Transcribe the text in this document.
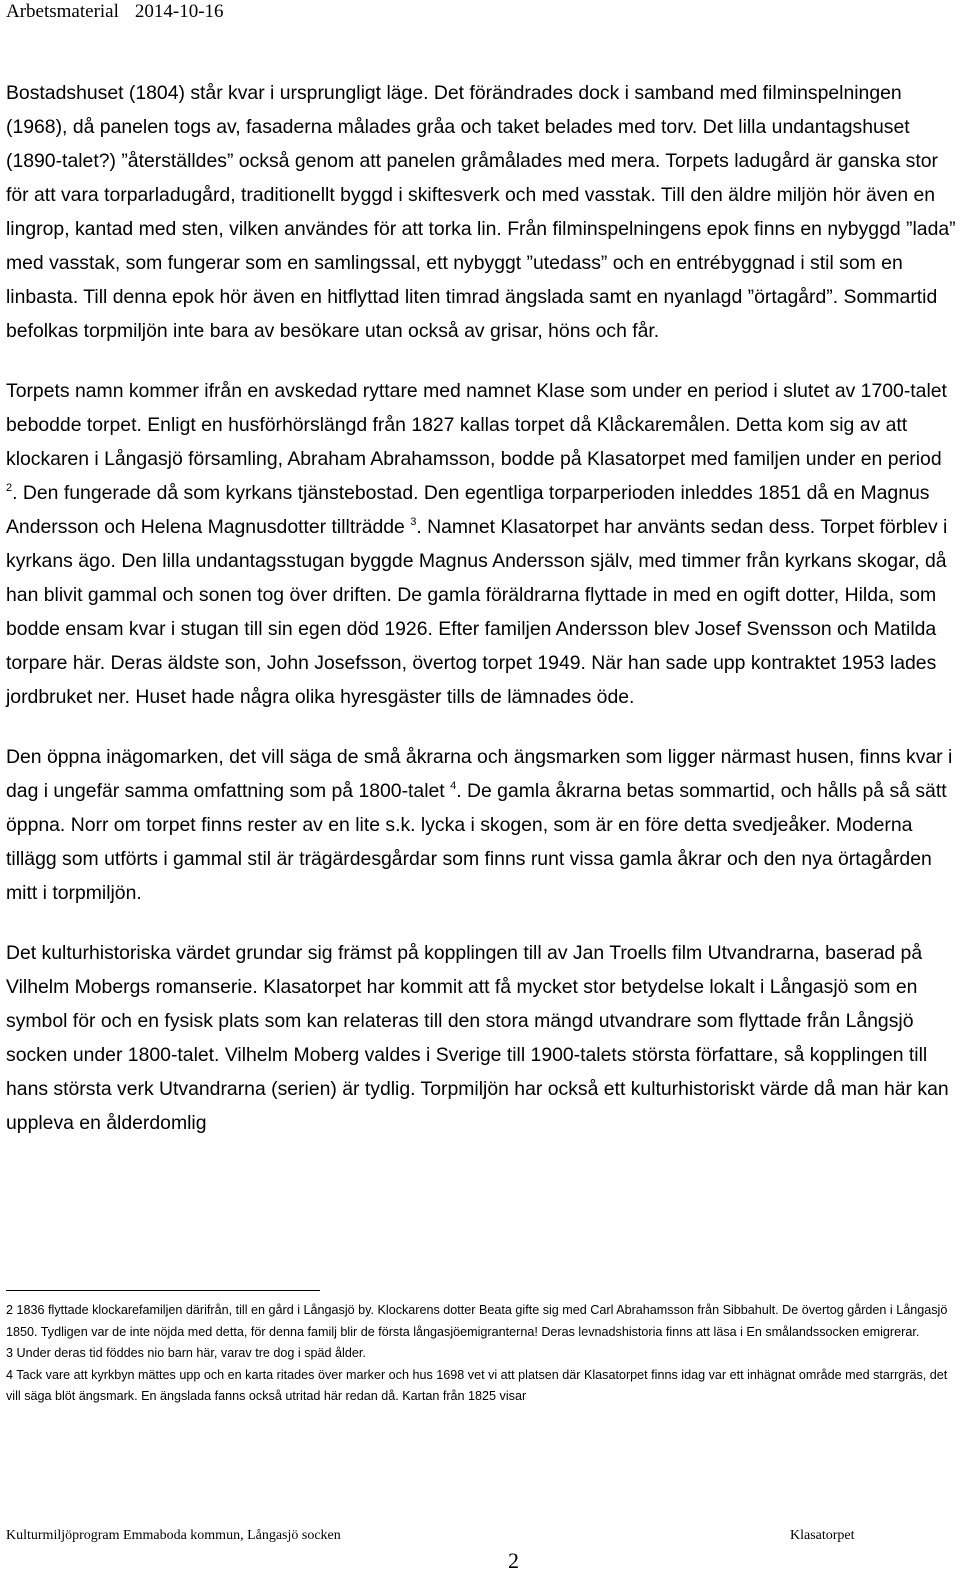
Arbetsmaterial 2014-10-16

Bostadshuset (1804) står kvar i ursprungligt läge. Det förändrades dock i samband med filminspelningen (1968), då panelen togs av, fasaderna målades gråa och taket belades med torv. Det lilla undantagshuset (1890-talet?) ”återställdes” också genom att panelen gråmålades med mera. Torpets ladugård är ganska stor för att vara torparladugård, traditionellt byggd i skiftesverk och med vasstak. Till den äldre miljön hör även en lingrop, kantad med sten, vilken användes för att torka lin. Från filminspelningens epok finns en nybyggd ”lada” med vasstak, som fungerar som en samlingssal, ett nybyggt ”utedass” och en entrébyggnad i stil som en linbasta. Till denna epok hör även en hitflyttad liten timrad ängslada samt en nyanlagd ”örtagård”. Sommartid befolkas torpmiljön inte bara av besökare utan också av grisar, höns och får.

Torpets namn kommer ifrån en avskedad ryttare med namnet Klase som under en period i slutet av 1700-talet bebodde torpet. Enligt en husförhörslängd från 1827 kallas torpet då Klåckaremålen. Detta kom sig av att klockaren i Långasjö församling, Abraham Abrahamsson, bodde på Klasatorpet med familjen under en period $^2$. Den fungerade då som kyrkans tjänstebostad. Den egentliga torparperioden inleddes 1851 då en Magnus Andersson och Helena Magnusdotter tillträdde $^3$. Namnet Klasatorpet har använts sedan dess. Torpet förblev i kyrkans ägo. Den lilla undantagsstugan byggde Magnus Andersson själv, med timmer från kyrkans skogar, då han blivit gammal och sonen tog över driften. De gamla föräldrarna flyttade in med en ogift dotter, Hilda, som bodde ensam kvar i stugan till sin egen död 1926. Efter familjen Andersson blev Josef Svensson och Matilda torpare här. Deras äldste son, John Josefsson, övertog torpet 1949. När han sade upp kontraktet 1953 lades jordbruket ner. Huset hade några olika hyresgäster tills de lämnades öde.

Den öppna inägomarken, det vill säga de små åkrarna och ängsmarken som ligger närmast husen, finns kvar i dag i ungefär samma omfattning som på 1800-talet $^4$. De gamla åkrarna betas sommartid, och hålls på så sätt öppna. Norr om torpet finns rester av en lite s.k. lycka i skogen, som är en före detta svedjeåker. Moderna tillägg som utförts i gammal stil är trägärdesgårdar som finns runt vissa gamla åkrar och den nya örtagården mitt i torpmiljön.

Det kulturhistoriska värdet grundar sig främst på kopplingen till av Jan Troells film Utvandrarna, baserad på Vilhelm Mobergs romanserie. Klasatorpet har kommit att få mycket stor betydelse lokalt i Långasjö som en symbol för och en fysisk plats som kan relateras till den stora mängd utvandrare som flyttade från Långsjö socken under 1800-talet. Vilhelm Moberg valdes i Sverige till 1900-talets största författare, så kopplingen till hans största verk Utvandrarna (serien) är tydlig. Torpmiljön har också ett kulturhistoriskt värde då man här kan uppleva en ålderdomlig

2 1836 flyttade klockarefamiljen därifrån, till en gård i Långasjö by. Klockarens dotter Beata gifte sig med Carl Abrahamsson från Sibbahult. De övertog gården i Långasjö 1850. Tydligen var de inte nöjda med detta, för denna familj blir de första långasjöemigranterna! Deras levnadshistoria finns att läsa i En smålandssocken emigrerar.

3 Under deras tid föddes nio barn här, varav tre dog i späd ålder.

4 Tack vare att kyrkbyn mättes upp och en karta ritades över marker och hus 1698 vet vi att platsen där Klasatorpet finns idag var ett inhägnat område med starrgräs, det vill säga blöt ängsmark. En ängslada fanns också utritad här redan då. Kartan från 1825 visar

Kulturmiljöprogram Emmaboda kommun, Långasjö socken	Klasatorpet
2
